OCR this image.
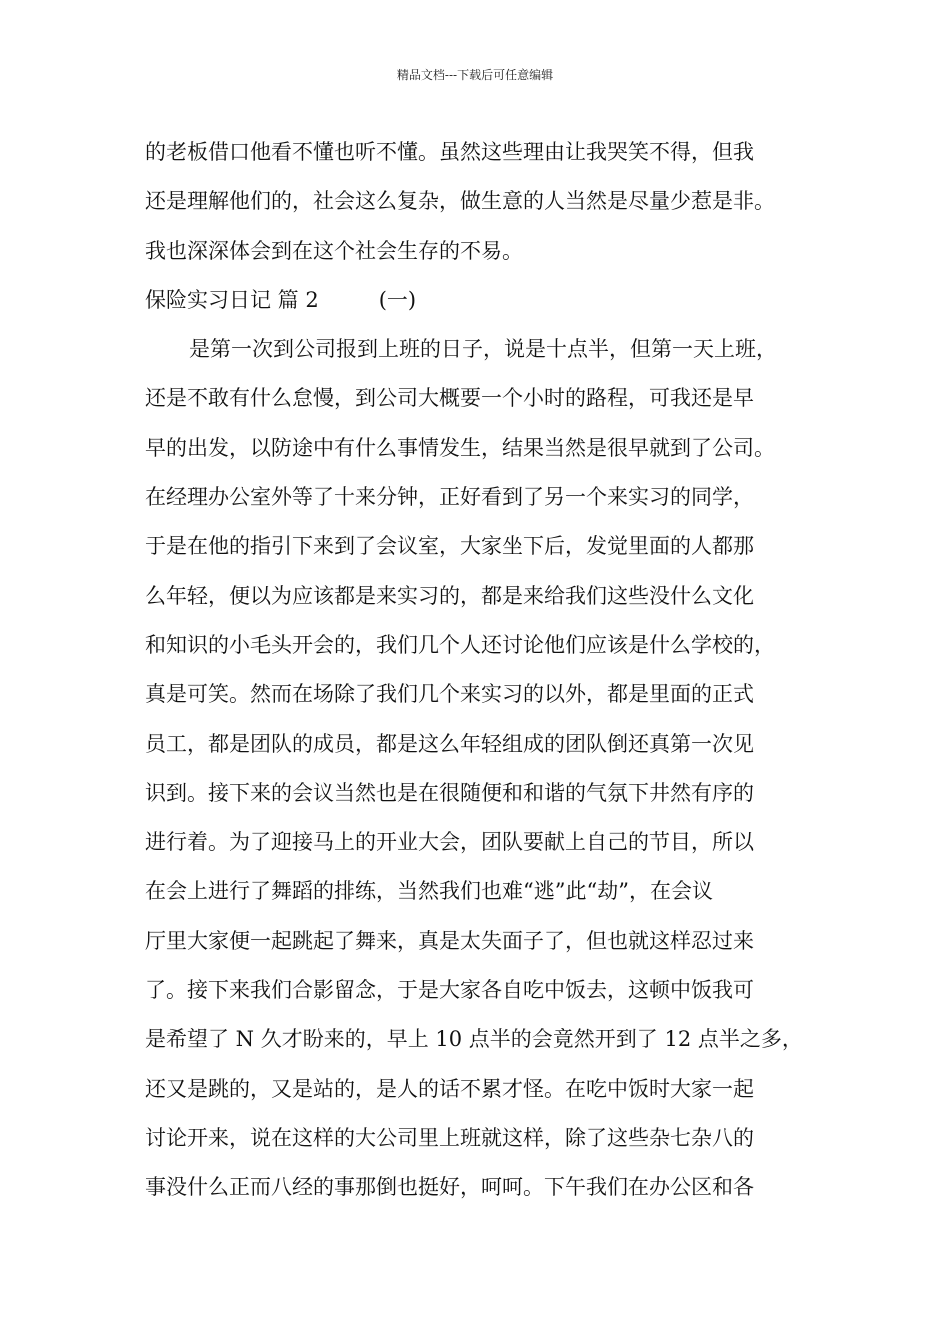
精品文档---下载后可任意编辑
的老板借口他看不懂也听不懂。虽然这些理由让我哭笑不得，但我
还是理解他们的，社会这么复杂，做生意的人当然是尽量少惹是非。
我也深深体会到在这个社会生存的不易。
保险实习日记 篇 2	(一)
是第一次到公司报到上班的日子，说是十点半，但第一天上班，
还是不敢有什么怠慢，到公司大概要一个小时的路程，可我还是早
早的出发，以防途中有什么事情发生，结果当然是很早就到了公司。
在经理办公室外等了十来分钟，正好看到了另一个来实习的同学，
于是在他的指引下来到了会议室，大家坐下后，发觉里面的人都那
么年轻，便以为应该都是来实习的，都是来给我们这些没什么文化
和知识的小毛头开会的，我们几个人还讨论他们应该是什么学校的，
真是可笑。然而在场除了我们几个来实习的以外，都是里面的正式
员工，都是团队的成员，都是这么年轻组成的团队倒还真第一次见
识到。接下来的会议当然也是在很随便和和谐的气氛下井然有序的
进行着。为了迎接马上的开业大会，团队要献上自己的节目，所以
在会上进行了舞蹈的排练，当然我们也难“逃”此“劫”，在会议
厅里大家便一起跳起了舞来，真是太失面子了，但也就这样忍过来
了。接下来我们合影留念，于是大家各自吃中饭去，这顿中饭我可
是希望了 N 久才盼来的，早上 10 点半的会竟然开到了 12 点半之多，
还又是跳的，又是站的，是人的话不累才怪。在吃中饭时大家一起
讨论开来，说在这样的大公司里上班就这样，除了这些杂七杂八的
事没什么正而八经的事那倒也挺好，呵呵。下午我们在办公区和各
